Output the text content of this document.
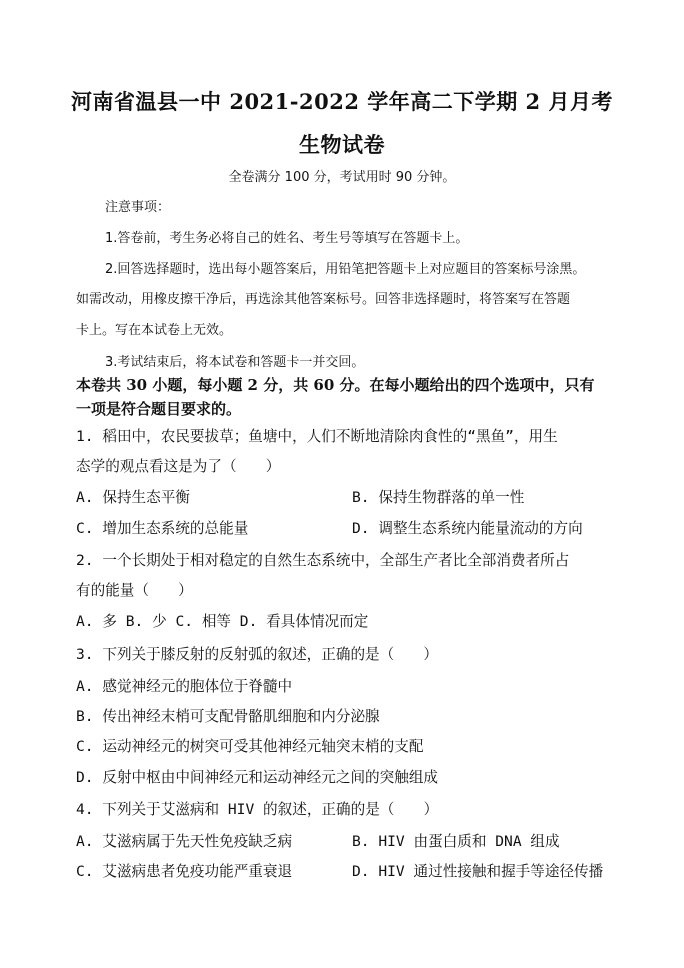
河南省温县一中 2021-2022 学年高二下学期 2 月月考
生物试卷
全卷满分 100 分，考试用时 90 分钟。
注意事项：
1.答卷前，考生务必将自己的姓名、考生号等填写在答题卡上。
2.回答选择题时，选出每小题答案后，用铅笔把答题卡上对应题目的答案标号涂黑。
如需改动，用橡皮擦干净后，再选涂其他答案标号。回答非选择题时，将答案写在答题
卡上。写在本试卷上无效。
3.考试结束后，将本试卷和答题卡一并交回。
本卷共 30 小题，每小题 2 分，共 60 分。在每小题给出的四个选项中，只有
一项是符合题目要求的。
1. 稻田中，农民要拔草；鱼塘中，人们不断地清除肉食性的“黑鱼”，用生
态学的观点看这是为了（　　）
A. 保持生态平衡	B. 保持生物群落的单一性
C. 增加生态系统的总能量	D. 调整生态系统内能量流动的方向
2. 一个长期处于相对稳定的自然生态系统中，全部生产者比全部消费者所占
有的能量（　　）
A. 多 B. 少 C. 相等 D. 看具体情况而定
3. 下列关于膝反射的反射弧的叙述，正确的是（　　）
A. 感觉神经元的胞体位于脊髓中
B. 传出神经末梢可支配骨骼肌细胞和内分泌腺
C. 运动神经元的树突可受其他神经元轴突末梢的支配
D. 反射中枢由中间神经元和运动神经元之间的突触组成
4. 下列关于艾滋病和 HIV 的叙述，正确的是（　　）
A. 艾滋病属于先天性免疫缺乏病	B. HIV 由蛋白质和 DNA 组成
C. 艾滋病患者免疫功能严重衰退	D. HIV 通过性接触和握手等途径传播
